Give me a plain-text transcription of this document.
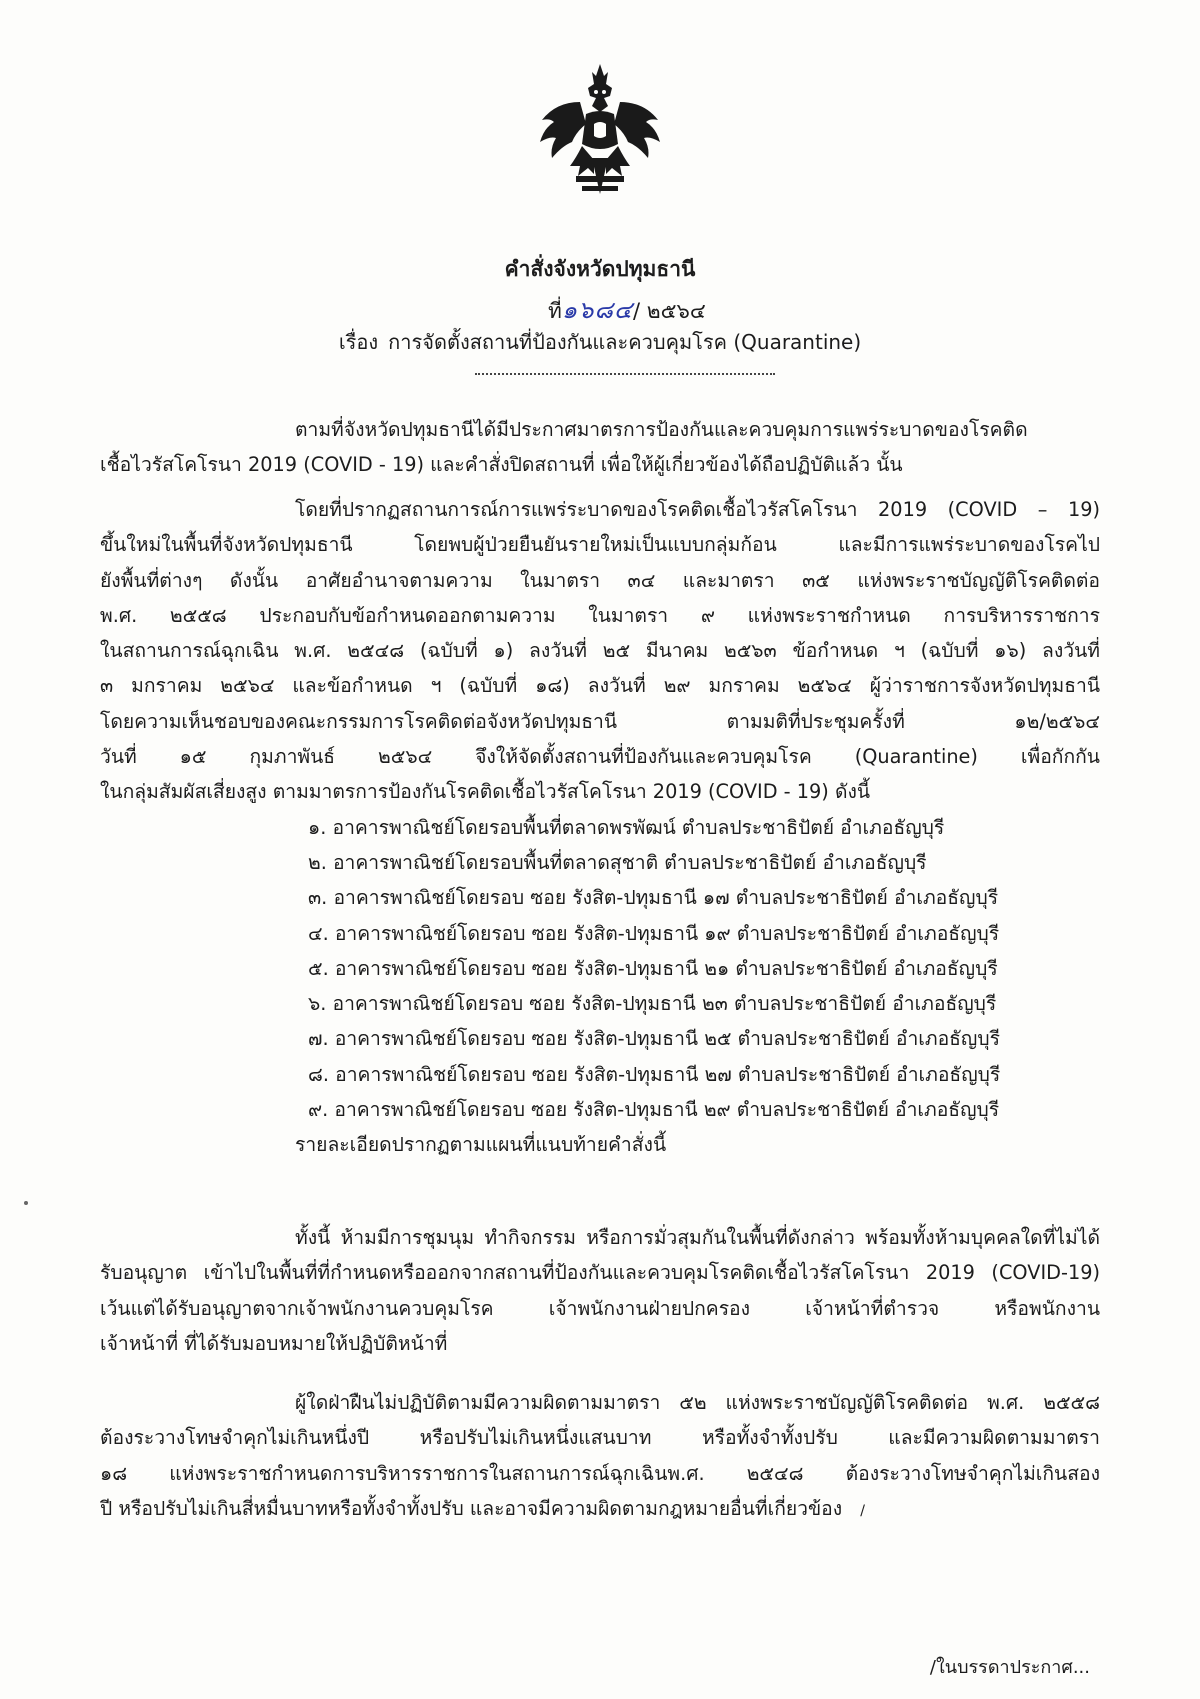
คำสั่งจังหวัดปทุมธานี
ที่๑๖๘๔/ ๒๕๖๔
เรื่อง การจัดตั้งสถานที่ป้องกันและควบคุมโรค (Quarantine)
ตามที่จังหวัดปทุมธานีได้มีประกาศมาตรการป้องกันและควบคุมการแพร่ระบาดของโรคติด
เชื้อไวรัสโคโรนา 2019 (COVID - 19) และคำสั่งปิดสถานที่ เพื่อให้ผู้เกี่ยวข้องได้ถือปฏิบัติแล้ว นั้น
โดยที่ปรากฏสถานการณ์การแพร่ระบาดของโรคติดเชื้อไวรัสโคโรนา 2019 (COVID – 19)
ขึ้นใหม่ในพื้นที่จังหวัดปทุมธานี โดยพบผู้ป่วยยืนยันรายใหม่เป็นแบบกลุ่มก้อน และมีการแพร่ระบาดของโรคไป
ยังพื้นที่ต่างๆ ดังนั้น อาศัยอำนาจตามความ ในมาตรา ๓๔ และมาตรา ๓๕ แห่งพระราชบัญญัติโรคติดต่อ
พ.ศ. ๒๕๕๘ ประกอบกับข้อกำหนดออกตามความ ในมาตรา ๙ แห่งพระราชกำหนด การบริหารราชการ
ในสถานการณ์ฉุกเฉิน พ.ศ. ๒๕๔๘ (ฉบับที่ ๑) ลงวันที่ ๒๕ มีนาคม ๒๕๖๓ ข้อกำหนด ฯ (ฉบับที่ ๑๖) ลงวันที่
๓ มกราคม ๒๕๖๔ และข้อกำหนด ฯ (ฉบับที่ ๑๘) ลงวันที่ ๒๙ มกราคม ๒๕๖๔ ผู้ว่าราชการจังหวัดปทุมธานี
โดยความเห็นชอบของคณะกรรมการโรคติดต่อจังหวัดปทุมธานี ตามมติที่ประชุมครั้งที่ ๑๒/๒๕๖๔
วันที่ ๑๕ กุมภาพันธ์ ๒๕๖๔ จึงให้จัดตั้งสถานที่ป้องกันและควบคุมโรค (Quarantine) เพื่อกักกัน
ในกลุ่มสัมผัสเสี่ยงสูง ตามมาตรการป้องกันโรคติดเชื้อไวรัสโคโรนา 2019 (COVID - 19) ดังนี้
๑. อาคารพาณิชย์โดยรอบพื้นที่ตลาดพรพัฒน์ ตำบลประชาธิปัตย์ อำเภอธัญบุรี
๒. อาคารพาณิชย์โดยรอบพื้นที่ตลาดสุชาติ ตำบลประชาธิปัตย์ อำเภอธัญบุรี
๓. อาคารพาณิชย์โดยรอบ ซอย รังสิต-ปทุมธานี ๑๗ ตำบลประชาธิปัตย์ อำเภอธัญบุรี
๔. อาคารพาณิชย์โดยรอบ ซอย รังสิต-ปทุมธานี ๑๙ ตำบลประชาธิปัตย์ อำเภอธัญบุรี
๕. อาคารพาณิชย์โดยรอบ ซอย รังสิต-ปทุมธานี ๒๑ ตำบลประชาธิปัตย์ อำเภอธัญบุรี
๖. อาคารพาณิชย์โดยรอบ ซอย รังสิต-ปทุมธานี ๒๓ ตำบลประชาธิปัตย์ อำเภอธัญบุรี
๗. อาคารพาณิชย์โดยรอบ ซอย รังสิต-ปทุมธานี ๒๕ ตำบลประชาธิปัตย์ อำเภอธัญบุรี
๘. อาคารพาณิชย์โดยรอบ ซอย รังสิต-ปทุมธานี ๒๗ ตำบลประชาธิปัตย์ อำเภอธัญบุรี
๙. อาคารพาณิชย์โดยรอบ ซอย รังสิต-ปทุมธานี ๒๙ ตำบลประชาธิปัตย์ อำเภอธัญบุรี
รายละเอียดปรากฏตามแผนที่แนบท้ายคำสั่งนี้
ทั้งนี้ ห้ามมีการชุมนุม ทำกิจกรรม หรือการมั่วสุมกันในพื้นที่ดังกล่าว พร้อมทั้งห้ามบุคคลใดที่ไม่ได้
รับอนุญาต เข้าไปในพื้นที่ที่กำหนดหรือออกจากสถานที่ป้องกันและควบคุมโรคติดเชื้อไวรัสโคโรนา 2019 (COVID-19)
เว้นแต่ได้รับอนุญาตจากเจ้าพนักงานควบคุมโรค เจ้าพนักงานฝ่ายปกครอง เจ้าหน้าที่ตำรวจ หรือพนักงาน
เจ้าหน้าที่ ที่ได้รับมอบหมายให้ปฏิบัติหน้าที่
ผู้ใดฝ่าฝืนไม่ปฏิบัติตามมีความผิดตามมาตรา ๕๒ แห่งพระราชบัญญัติโรคติดต่อ พ.ศ. ๒๕๕๘
ต้องระวางโทษจำคุกไม่เกินหนึ่งปี หรือปรับไม่เกินหนึ่งแสนบาท หรือทั้งจำทั้งปรับ และมีความผิดตามมาตรา
๑๘ แห่งพระราชกำหนดการบริหารราชการในสถานการณ์ฉุกเฉินพ.ศ. ๒๕๔๘ ต้องระวางโทษจำคุกไม่เกินสอง
ปี หรือปรับไม่เกินสี่หมื่นบาทหรือทั้งจำทั้งปรับ และอาจมีความผิดตามกฎหมายอื่นที่เกี่ยวข้อง /
/ในบรรดาประกาศ...
